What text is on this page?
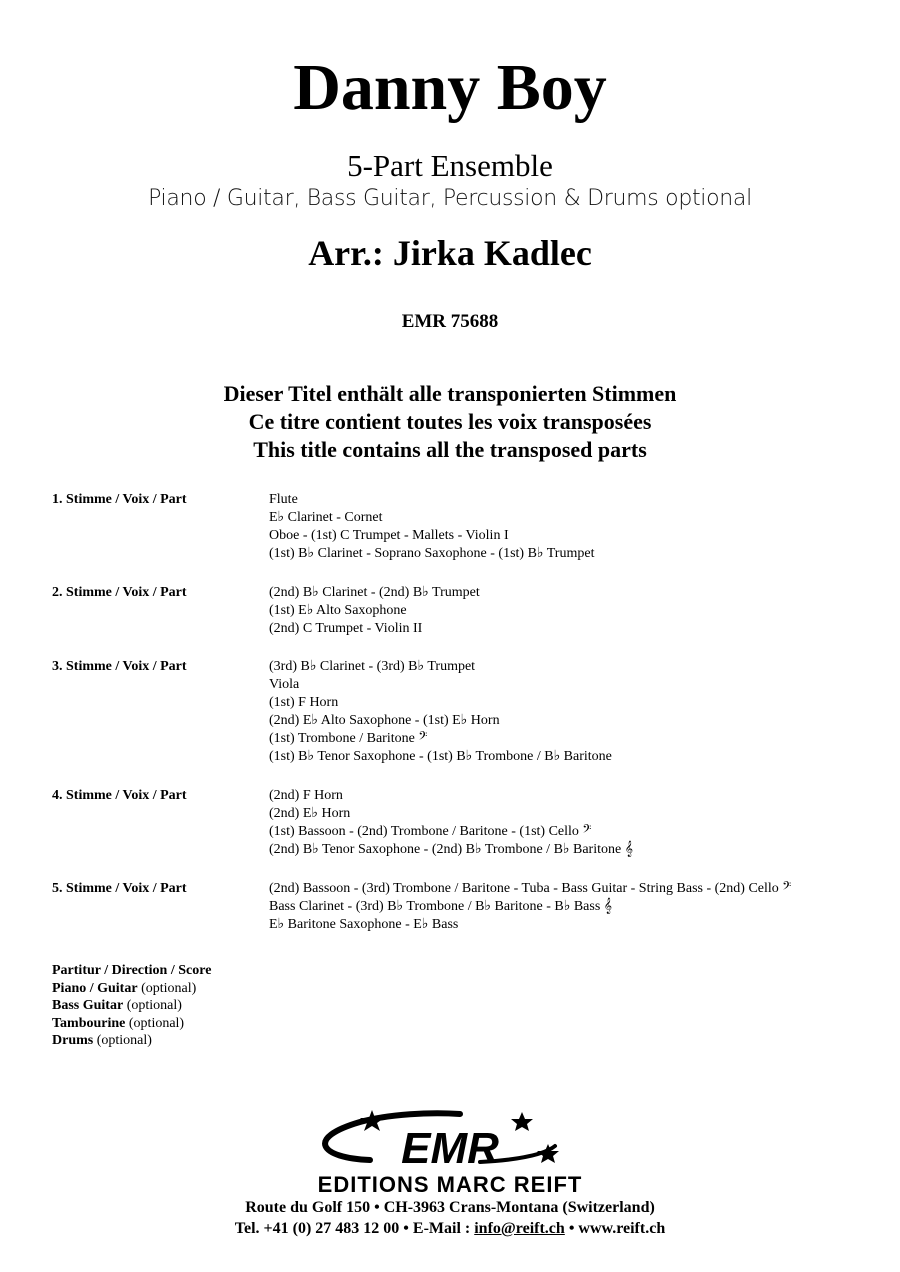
Danny Boy
5-Part Ensemble
Piano / Guitar, Bass Guitar, Percussion & Drums optional
Arr.: Jirka Kadlec
EMR 75688
Dieser Titel enthält alle transponierten Stimmen
Ce titre contient toutes les voix transposées
This title contains all the transposed parts
1. Stimme / Voix / Part	Flute
E♭ Clarinet - Cornet
Oboe - (1st) C Trumpet - Mallets - Violin I
(1st) B♭ Clarinet - Soprano Saxophone - (1st) B♭ Trumpet
2. Stimme / Voix / Part	(2nd) B♭ Clarinet - (2nd) B♭ Trumpet
(1st) E♭ Alto Saxophone
(2nd) C Trumpet - Violin II
3. Stimme / Voix / Part	(3rd) B♭ Clarinet - (3rd) B♭ Trumpet
Viola
(1st) F Horn
(2nd) E♭ Alto Saxophone - (1st) E♭ Horn
(1st) Trombone / Baritone 𝄢
(1st) B♭ Tenor Saxophone - (1st) B♭ Trombone / B♭ Baritone
4. Stimme / Voix / Part	(2nd) F Horn
(2nd) E♭ Horn
(1st) Bassoon - (2nd) Trombone / Baritone - (1st) Cello 𝄢
(2nd) B♭ Tenor Saxophone - (2nd) B♭ Trombone / B♭ Baritone 𝄞
5. Stimme / Voix / Part	(2nd) Bassoon - (3rd) Trombone / Baritone - Tuba - Bass Guitar - String Bass - (2nd) Cello 𝄢
Bass Clarinet - (3rd) B♭ Trombone / B♭ Baritone - B♭ Bass 𝄞
E♭ Baritone Saxophone - E♭ Bass
Partitur / Direction / Score
Piano / Guitar (optional)
Bass Guitar (optional)
Tambourine (optional)
Drums (optional)
EMR
EDITIONS MARC REIFT
Route du Golf 150 • CH-3963 Crans-Montana (Switzerland)
Tel. +41 (0) 27 483 12 00 • E-Mail : info@reift.ch • www.reift.ch
